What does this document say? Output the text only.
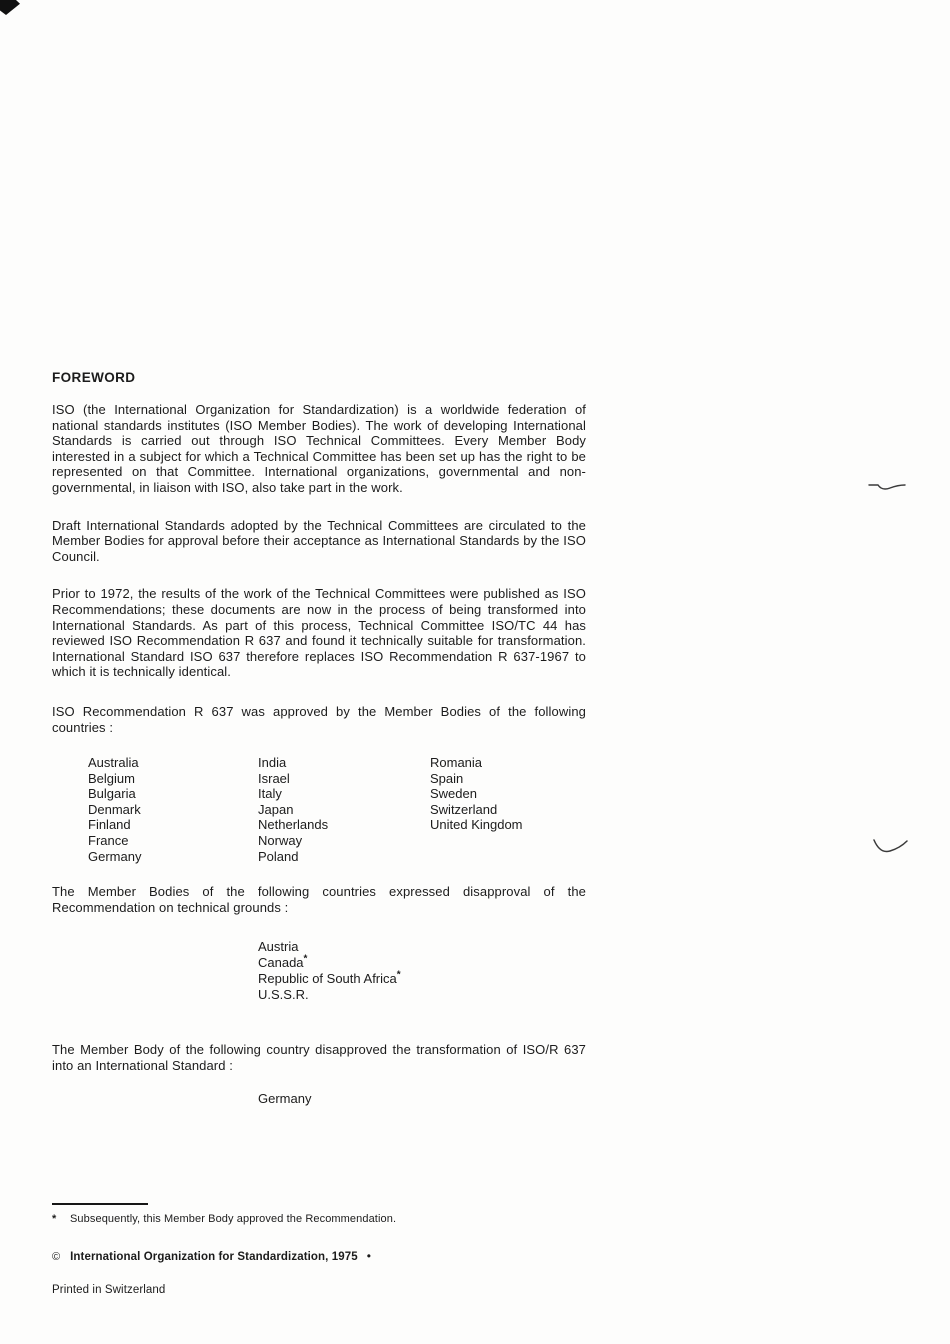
FOREWORD

ISO (the International Organization for Standardization) is a worldwide federation of national standards institutes (ISO Member Bodies). The work of developing International Standards is carried out through ISO Technical Committees. Every Member Body interested in a subject for which a Technical Committee has been set up has the right to be represented on that Committee. International organizations, governmental and non-governmental, in liaison with ISO, also take part in the work.

Draft International Standards adopted by the Technical Committees are circulated to the Member Bodies for approval before their acceptance as International Standards by the ISO Council.

Prior to 1972, the results of the work of the Technical Committees were published as ISO Recommendations; these documents are now in the process of being transformed into International Standards. As part of this process, Technical Committee ISO/TC 44 has reviewed ISO Recommendation R 637 and found it technically suitable for transformation. International Standard ISO 637 therefore replaces ISO Recommendation R 637-1967 to which it is technically identical.

ISO Recommendation R 637 was approved by the Member Bodies of the following countries :

Australia
Belgium
Bulgaria
Denmark
Finland
France
Germany
India
Israel
Italy
Japan
Netherlands
Norway
Poland
Romania
Spain
Sweden
Switzerland
United Kingdom

The Member Bodies of the following countries expressed disapproval of the Recommendation on technical grounds :

Austria
Canada*
Republic of South Africa*
U.S.S.R.

The Member Body of the following country disapproved the transformation of ISO/R 637 into an International Standard :

Germany
*	Subsequently, this Member Body approved the Recommendation.
© International Organization for Standardization, 1975 •
Printed in Switzerland
